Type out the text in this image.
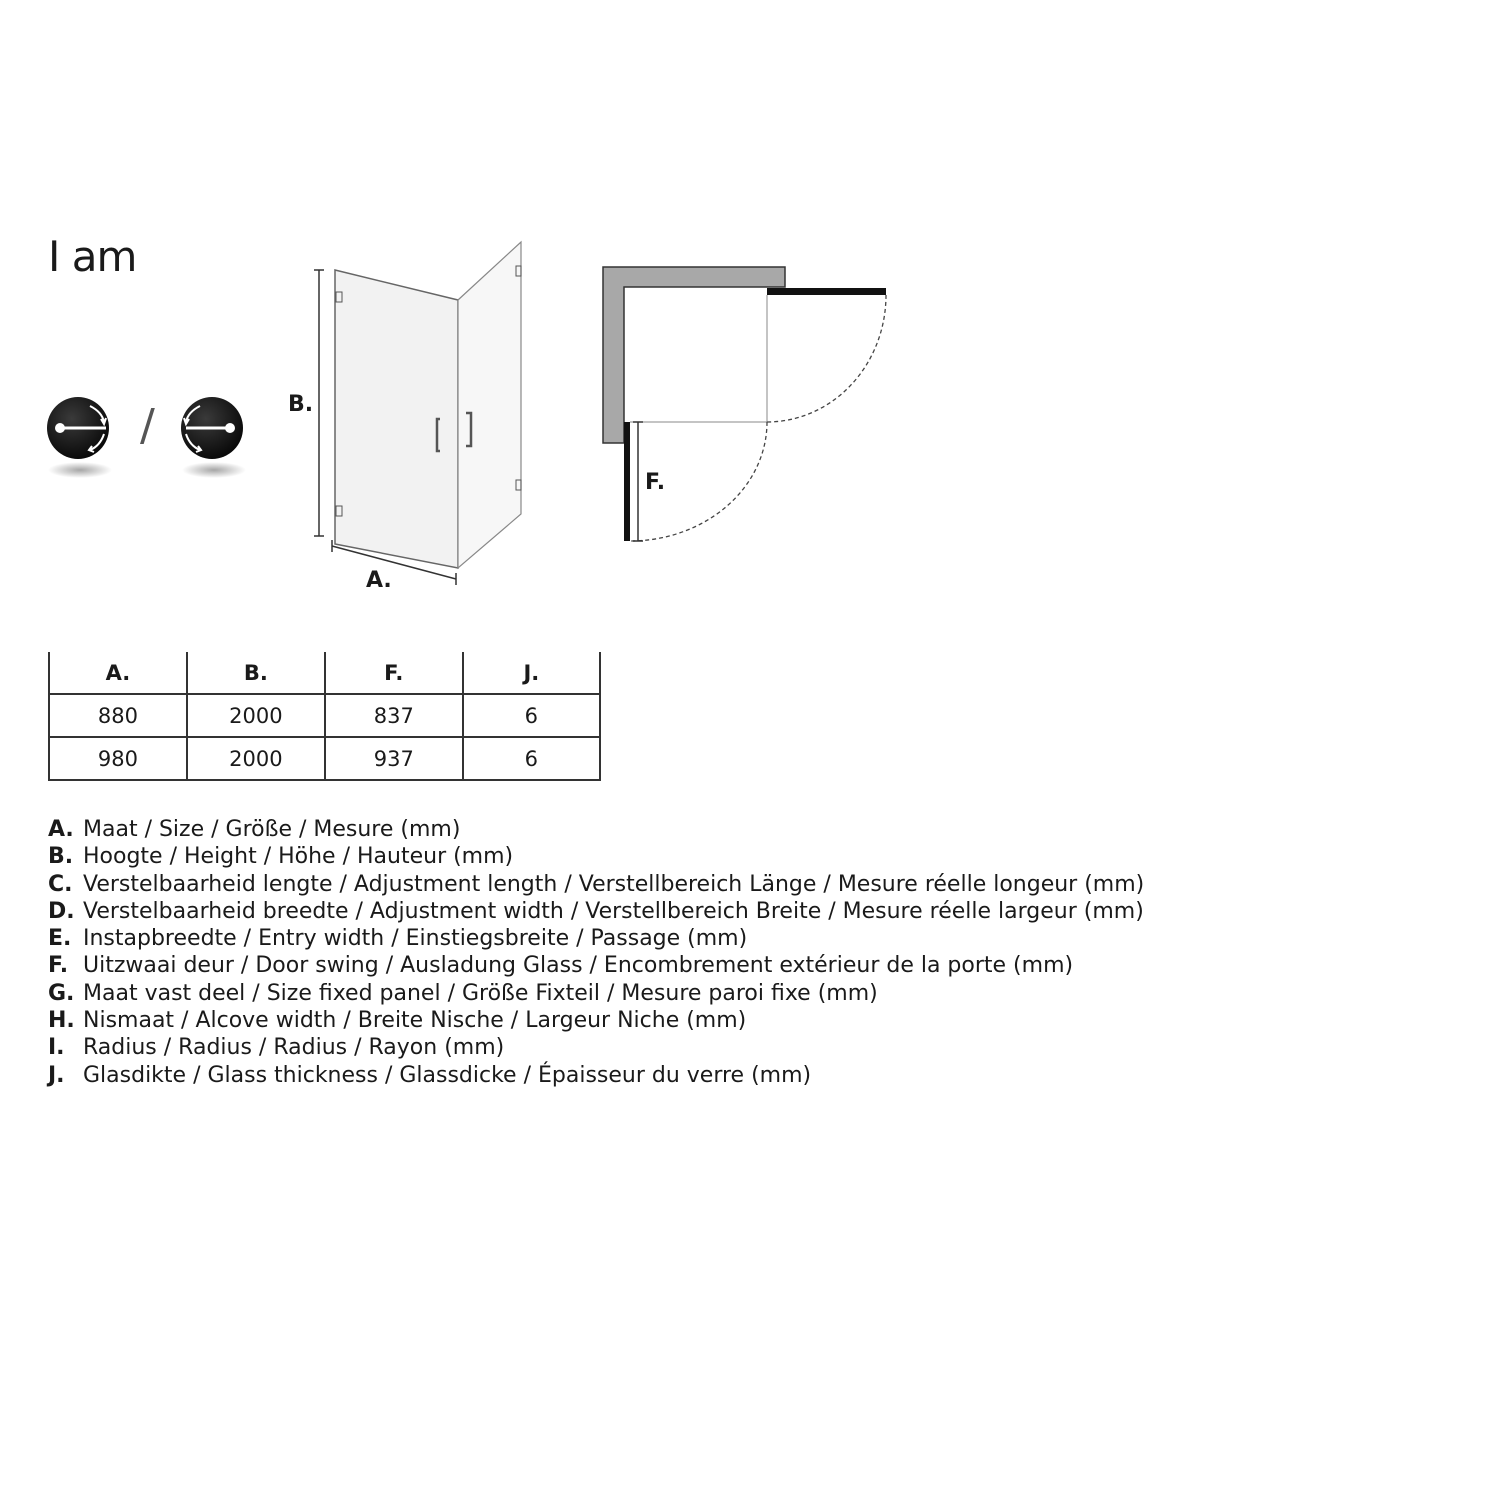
I am
/	B.
A.
F.
A.	B.	F.	J.
880	2000	837	6
980	2000	937	6
A. Maat / Size / Größe / Mesure (mm)
B. Hoogte / Height / Höhe / Hauteur (mm)
C. Verstelbaarheid lengte / Adjustment length / Verstellbereich Länge / Mesure réelle longeur (mm)
D. Verstelbaarheid breedte / Adjustment width / Verstellbereich Breite / Mesure réelle largeur (mm)
E. Instapbreedte / Entry width / Einstiegsbreite / Passage (mm)
F. Uitzwaai deur / Door swing / Ausladung Glass / Encombrement extérieur de la porte (mm)
G. Maat vast deel / Size fixed panel / Größe Fixteil / Mesure paroi fixe (mm)
H. Nismaat / Alcove width / Breite Nische / Largeur Niche (mm)
I. Radius / Radius / Radius / Rayon (mm)
J. Glasdikte / Glass thickness / Glassdicke / Épaisseur du verre (mm)
